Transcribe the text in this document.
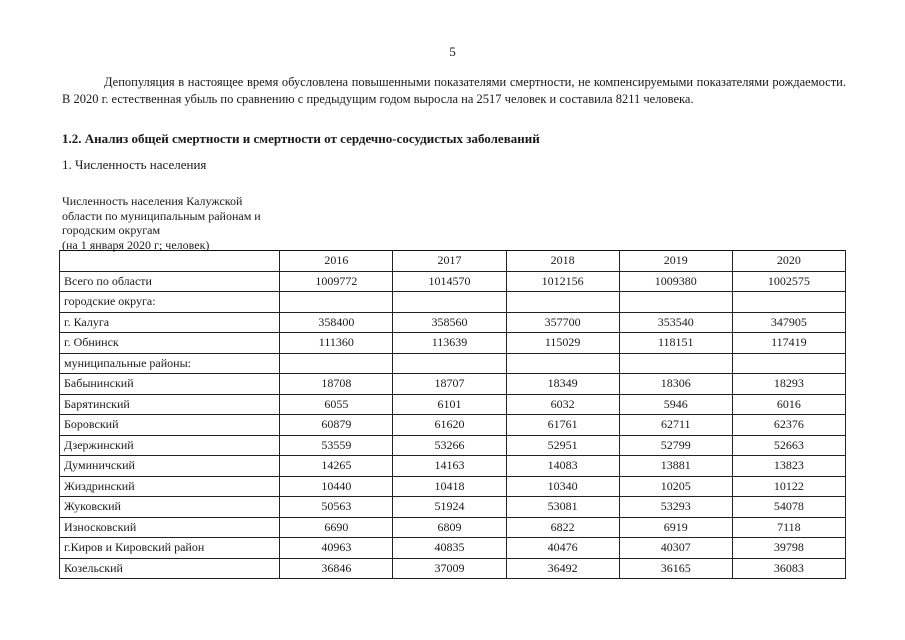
5

Депопуляция в настоящее время обусловлена повышенными показателями смертности, не компенсируемыми показателями рождаемости. В 2020 г. естественная убыль по сравнению с предыдущим годом выросла на 2517 человек и составила 8211 человека.

1.2. Анализ общей смертности и смертности от сердечно-сосудистых заболеваний

1. Численность населения

Численность населения Калужской
области по муниципальным районам и
городским округам
(на 1 января 2020 г; человек)
	2016	2017	2018	2019	2020
Всего по области	1009772	1014570	1012156	1009380	1002575
городские округа:					
г. Калуга	358400	358560	357700	353540	347905
г. Обнинск	111360	113639	115029	118151	117419
муниципальные районы:					
Бабынинский	18708	18707	18349	18306	18293
Барятинский	6055	6101	6032	5946	6016
Боровский	60879	61620	61761	62711	62376
Дзержинский	53559	53266	52951	52799	52663
Думиничский	14265	14163	14083	13881	13823
Жиздринский	10440	10418	10340	10205	10122
Жуковский	50563	51924	53081	53293	54078
Износковский	6690	6809	6822	6919	7118
г.Киров и Кировский район	40963	40835	40476	40307	39798
Козельский	36846	37009	36492	36165	36083
